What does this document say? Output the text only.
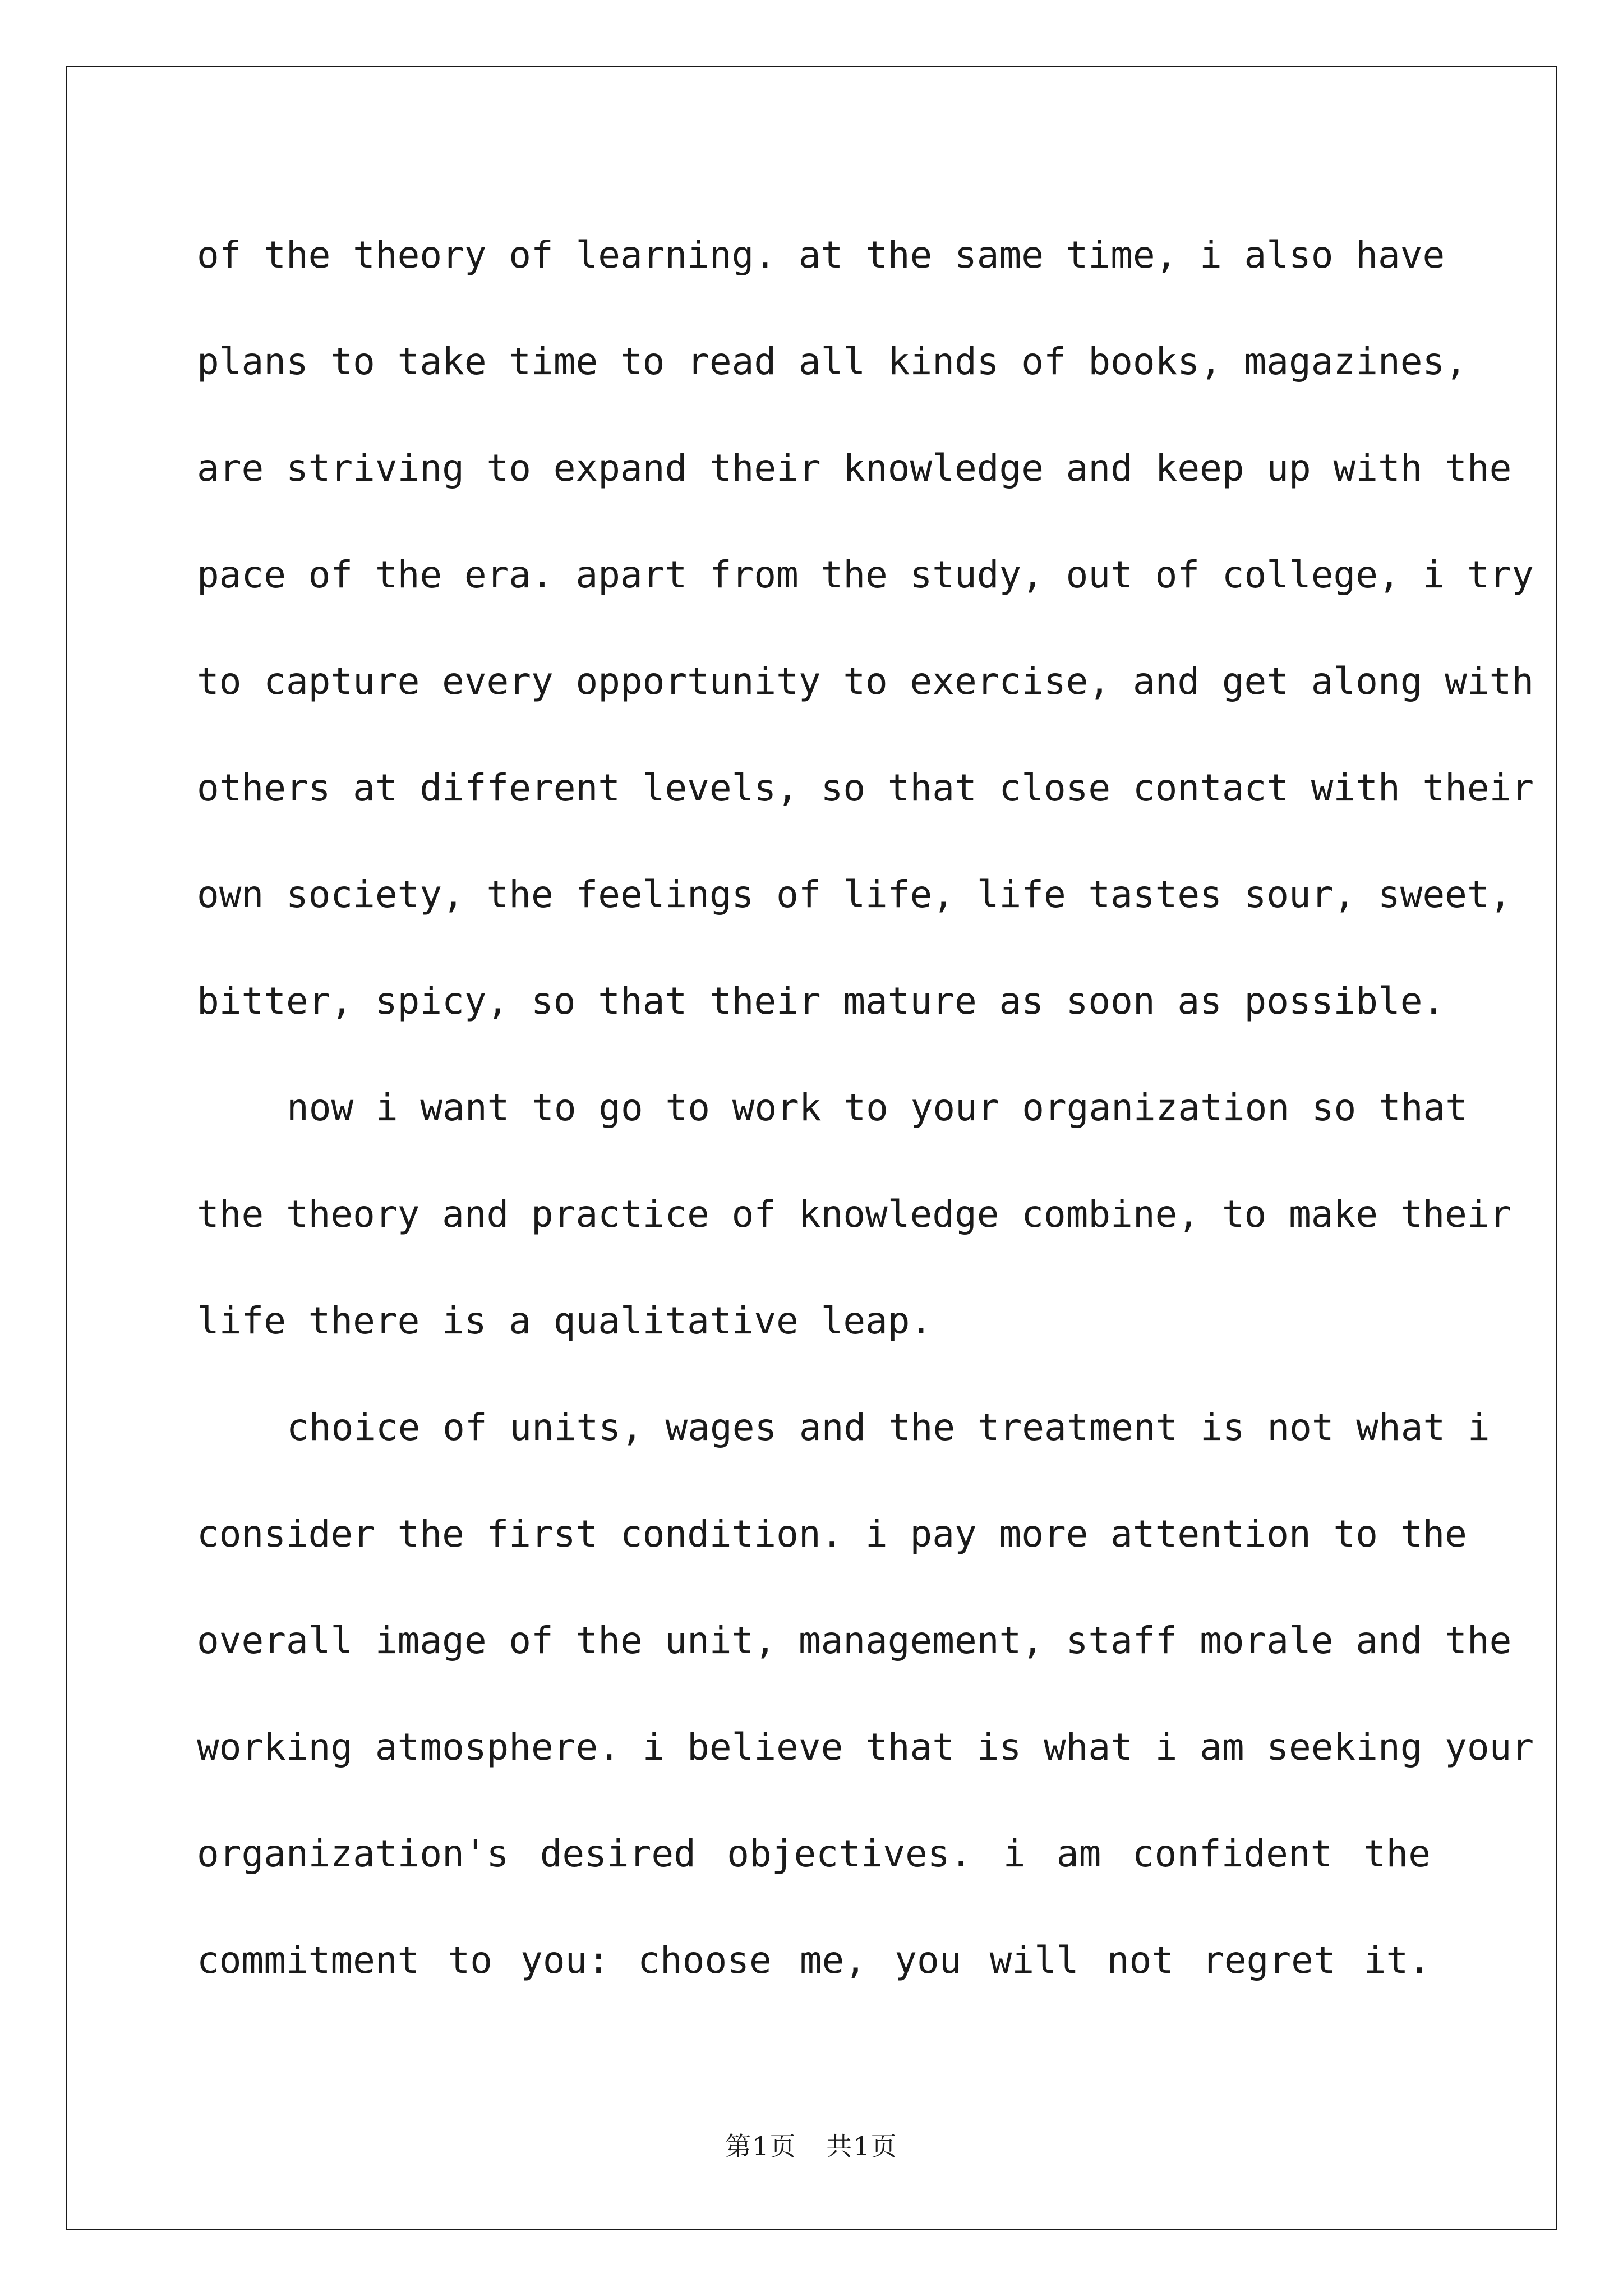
of the theory of learning. at the same time, i also have
plans to take time to read all kinds of books, magazines,
are striving to expand their knowledge and keep up with the
pace of the era. apart from the study, out of college, i try
to capture every opportunity to exercise, and get along with
others at different levels, so that close contact with their
own society, the feelings of life, life tastes sour, sweet,
bitter, spicy, so that their mature as soon as possible.

now i want to go to work to your organization so that
the theory and practice of knowledge combine, to make their
life there is a qualitative leap.

choice of units, wages and the treatment is not what i
consider the first condition. i pay more attention to the
overall image of the unit, management, staff morale and the
working atmosphere. i believe that is what i am seeking your
organization's desired objectives. i am confident the
commitment to you: choose me, you will not regret it.

第1页 共1页
